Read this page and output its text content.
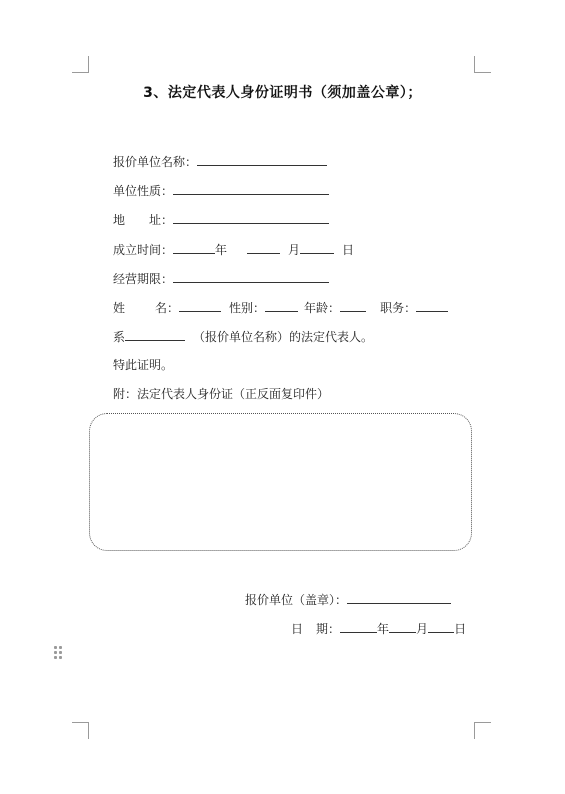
3、法定代表人身份证明书（须加盖公章）；
报价单位名称：
单位性质：
地 址：
成立时间：	年	月	日
经营期限：
姓	名：	性别：	年龄：	职务：
系	（报价单位名称）的法定代表人。
特此证明。
附：法定代表人身份证（正反面复印件）
报价单位（盖章）：
日 期：	年 月 日
